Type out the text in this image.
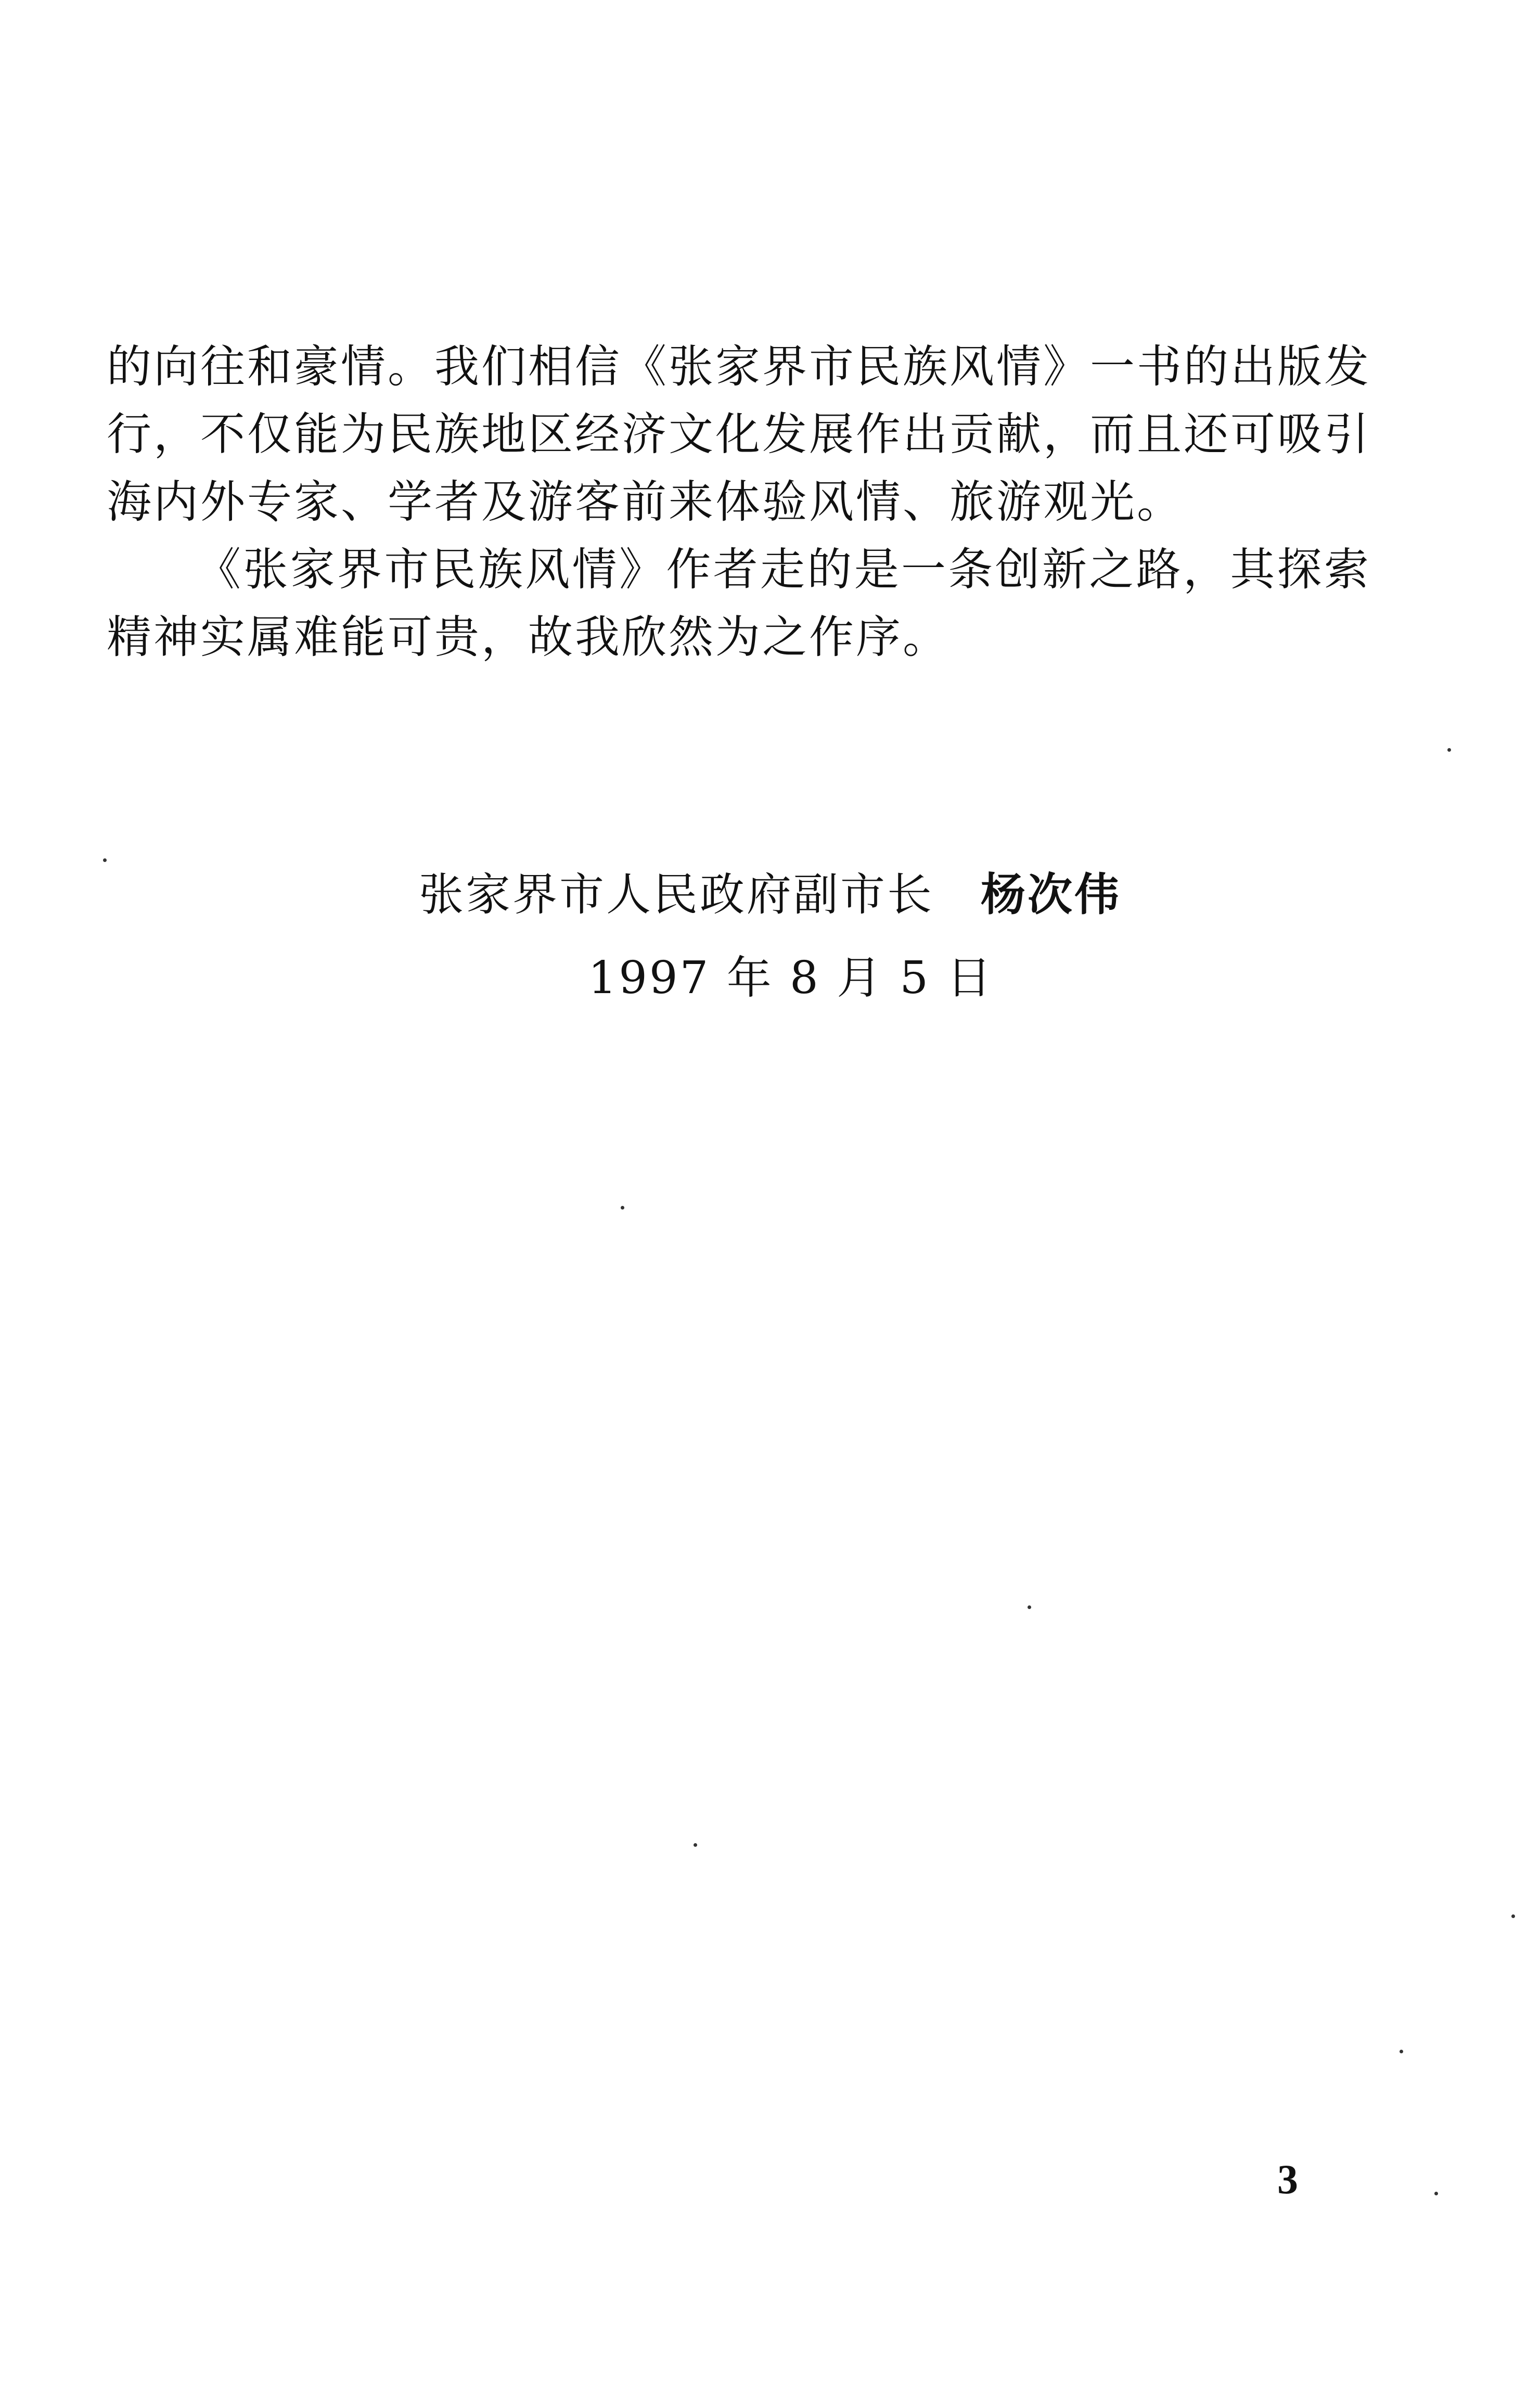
的向往和豪情。我们相信《张家界市民族风情》一书的出版发行，不仅能为民族地区经济文化发展作出贡献，而且还可吸引海内外专家、学者及游客前来体验风情、旅游观光。

《张家界市民族风情》作者走的是一条创新之路，其探索精神实属难能可贵，故我欣然为之作序。

张家界市人民政府副市长 杨次伟
1997 年 8 月 5 日
3
